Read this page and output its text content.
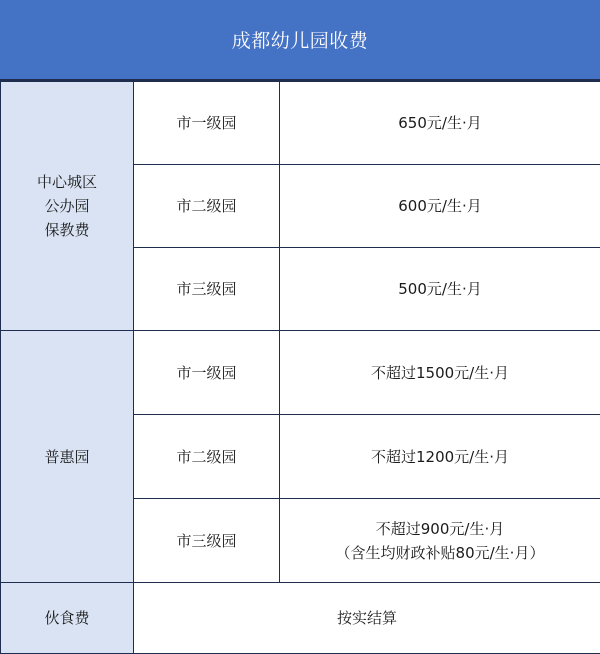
成都幼儿园收费
中心城区
公办园
保教费	市一级园	650元/生·月

	市二级园	600元/生·月

	市三级园	500元/生·月

普惠园	市一级园	不超过1500元/生·月

	市二级园	不超过1200元/生·月

	市三级园	不超过900元/生·月
（含生均财政补贴80元/生·月）

伙食费	按实结算	
